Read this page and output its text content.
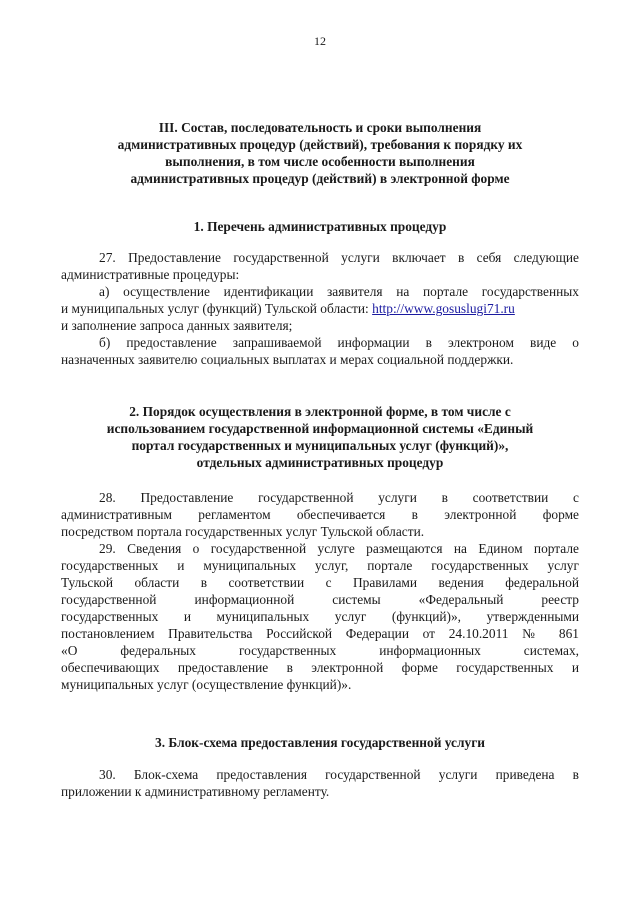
12
III. Состав, последовательность и сроки выполнения
административных процедур (действий), требования к порядку их
выполнения, в том числе особенности выполнения
административных процедур (действий) в электронной форме
1. Перечень административных процедур
27. Предоставление государственной услуги включает в себя следующие
административные процедуры:
а) осуществление идентификации заявителя на портале государственных
и муниципальных услуг (функций) Тульской области: http://www.gosuslugi71.ru
и заполнение запроса данных заявителя;
б) предоставление запрашиваемой информации в электроном виде о
назначенных заявителю социальных выплатах и мерах социальной поддержки.
2. Порядок осуществления в электронной форме, в том числе с
использованием государственной информационной системы «Единый
портал государственных и муниципальных услуг (функций)»,
отдельных административных процедур
28. Предоставление государственной услуги в соответствии с
административным регламентом обеспечивается в электронной форме
посредством портала государственных услуг Тульской области.
29. Сведения о государственной услуге размещаются на Едином портале
государственных и муниципальных услуг, портале государственных услуг
Тульской области в соответствии с Правилами ведения федеральной
государственной информационной системы «Федеральный реестр
государственных и муниципальных услуг (функций)», утвержденными
постановлением Правительства Российской Федерации от 24.10.2011 № 861
«О федеральных государственных информационных системах,
обеспечивающих предоставление в электронной форме государственных и
муниципальных услуг (осуществление функций)».
3. Блок-схема предоставления государственной услуги
30. Блок-схема предоставления государственной услуги приведена в
приложении к административному регламенту.
